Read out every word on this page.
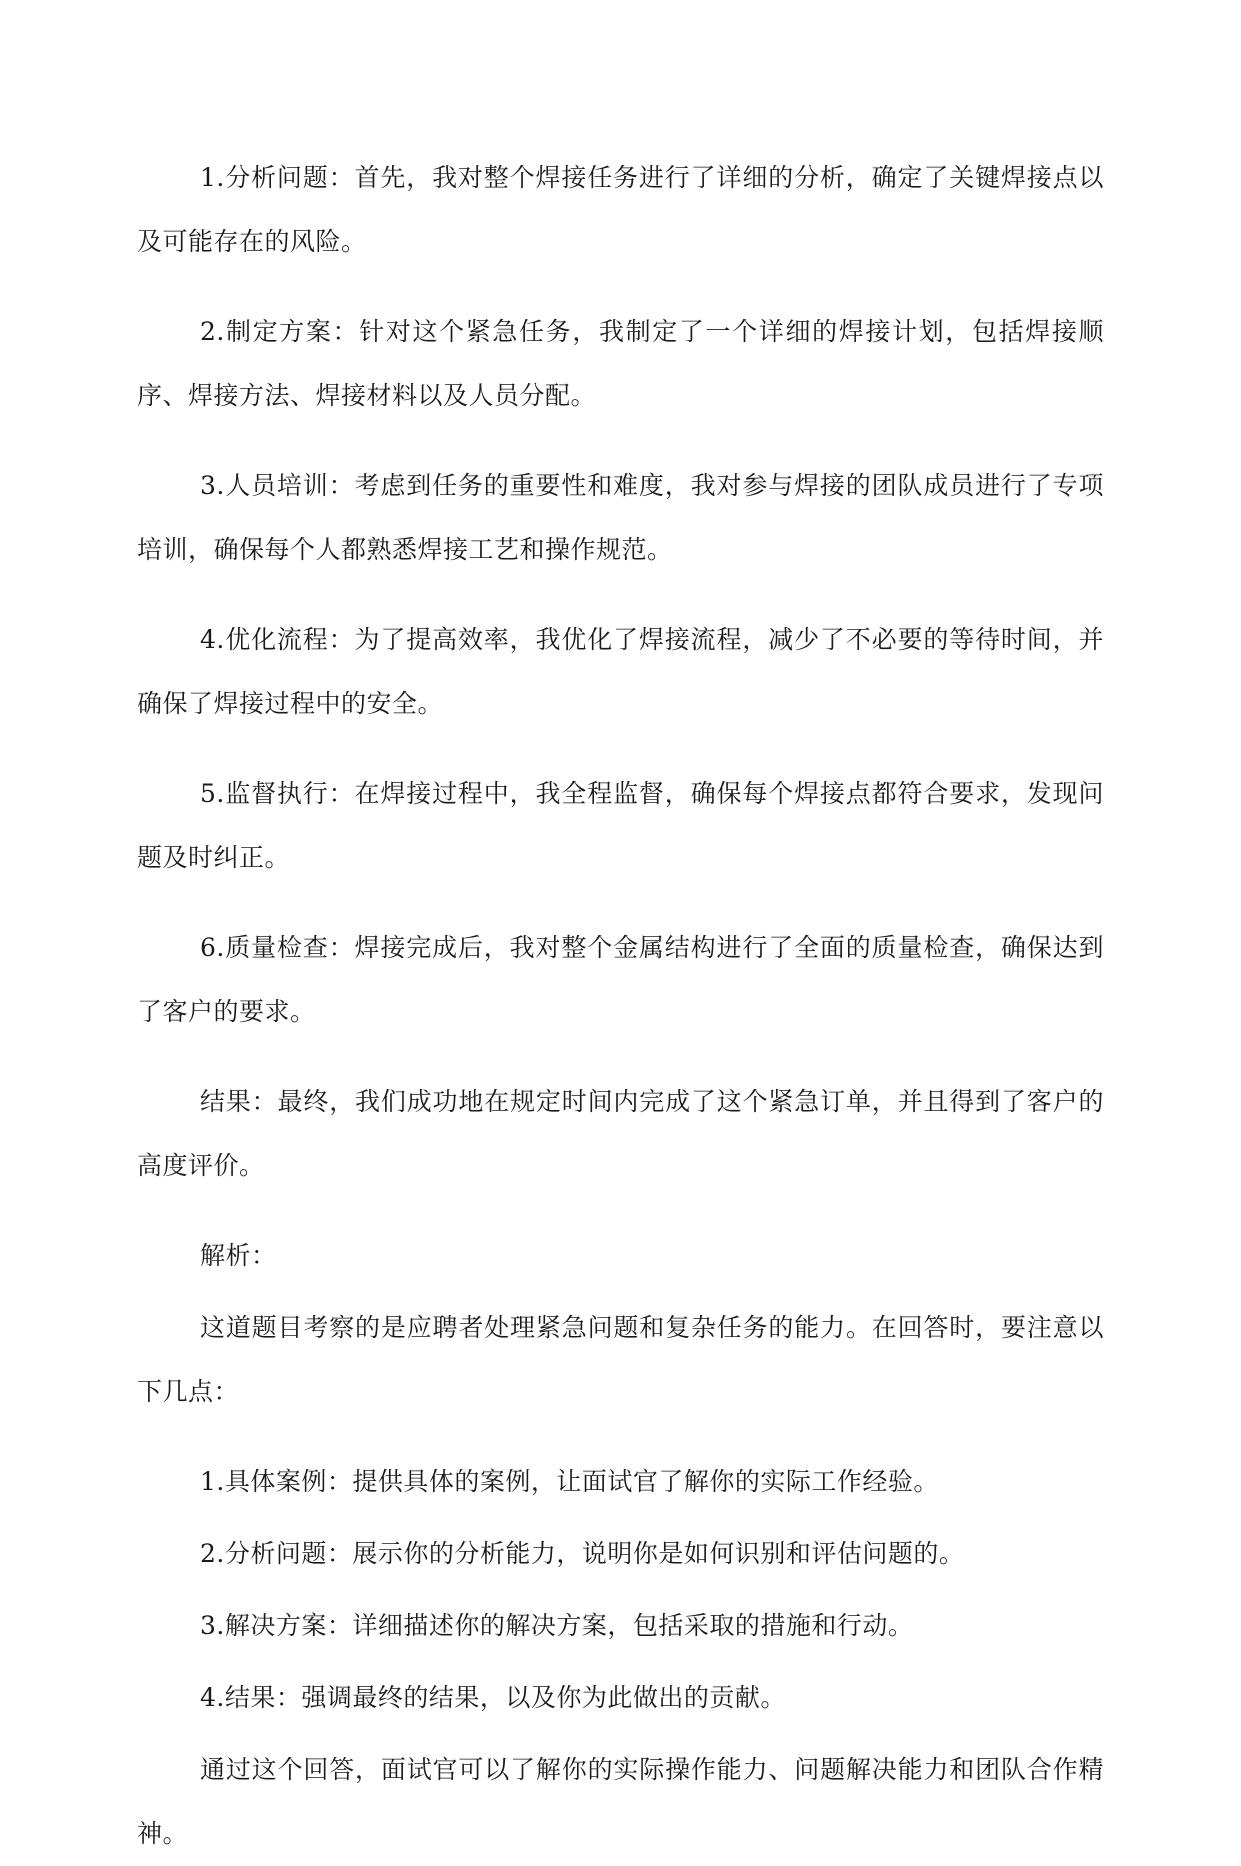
1.分析问题：首先，我对整个焊接任务进行了详细的分析，确定了关键焊接点以及可能存在的风险。

2.制定方案：针对这个紧急任务，我制定了一个详细的焊接计划，包括焊接顺序、焊接方法、焊接材料以及人员分配。

3.人员培训：考虑到任务的重要性和难度，我对参与焊接的团队成员进行了专项培训，确保每个人都熟悉焊接工艺和操作规范。

4.优化流程：为了提高效率，我优化了焊接流程，减少了不必要的等待时间，并确保了焊接过程中的安全。

5.监督执行：在焊接过程中，我全程监督，确保每个焊接点都符合要求，发现问题及时纠正。

6.质量检查：焊接完成后，我对整个金属结构进行了全面的质量检查，确保达到了客户的要求。

结果：最终，我们成功地在规定时间内完成了这个紧急订单，并且得到了客户的高度评价。

解析：

这道题目考察的是应聘者处理紧急问题和复杂任务的能力。在回答时，要注意以下几点：

1.具体案例：提供具体的案例，让面试官了解你的实际工作经验。

2.分析问题：展示你的分析能力，说明你是如何识别和评估问题的。

3.解决方案：详细描述你的解决方案，包括采取的措施和行动。

4.结果：强调最终的结果，以及你为此做出的贡献。

通过这个回答，面试官可以了解你的实际操作能力、问题解决能力和团队合作精神。
